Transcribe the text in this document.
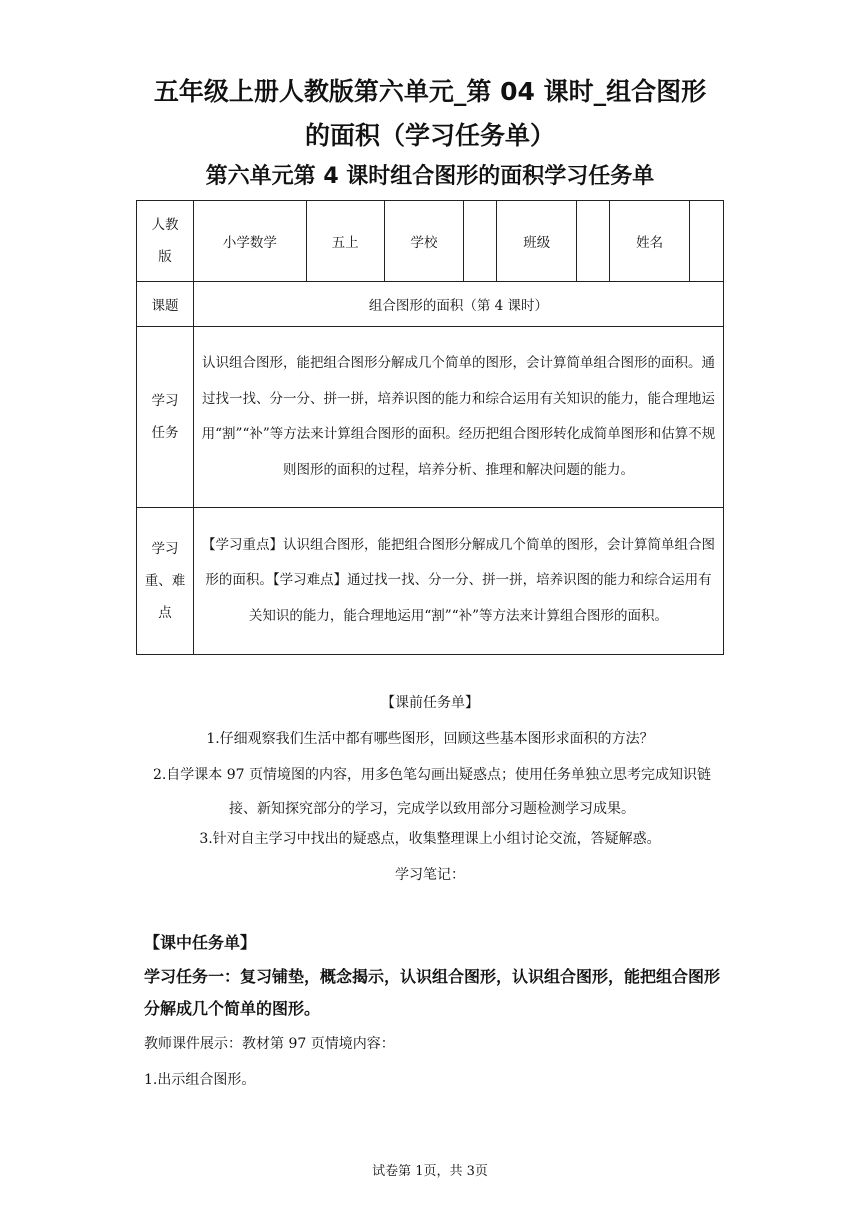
五年级上册人教版第六单元_第 04 课时_组合图形
的面积（学习任务单）
第六单元第 4 课时组合图形的面积学习任务单
人教
版	小学数学	五上	学校		班级		姓名	
课题	组合图形的面积（第 4 课时）							

学习
任务	认识组合图形，能把组合图形分解成几个简单的图形，会计算简单组合图形的面积。通过找一找、分一分、拼一拼，培养识图的能力和综合运用有关知识的能力，能合理地运用“割”“补”等方法来计算组合图形的面积。经历把组合图形转化成简单图形和估算不规则图形的面积的过程，培养分析、推理和解决问题的能力。							

学习
重、难
点	【学习重点】认识组合图形，能把组合图形分解成几个简单的图形，会计算简单组合图形的面积。【学习难点】通过找一找、分一分、拼一拼，培养识图的能力和综合运用有关知识的能力，能合理地运用“割”“补”等方法来计算组合图形的面积。							
【课前任务单】
1.仔细观察我们生活中都有哪些图形，回顾这些基本图形求面积的方法？
2.自学课本 97 页情境图的内容，用多色笔勾画出疑惑点；使用任务单独立思考完成知识链接、新知探究部分的学习，完成学以致用部分习题检测学习成果。
3.针对自主学习中找出的疑惑点，收集整理课上小组讨论交流，答疑解惑。
学习笔记：
【课中任务单】
学习任务一：复习铺垫，概念揭示，认识组合图形，认识组合图形，能把组合图形分解成几个简单的图形。
教师课件展示：教材第 97 页情境内容：
1.出示组合图形。
试卷第 1页，共 3页
